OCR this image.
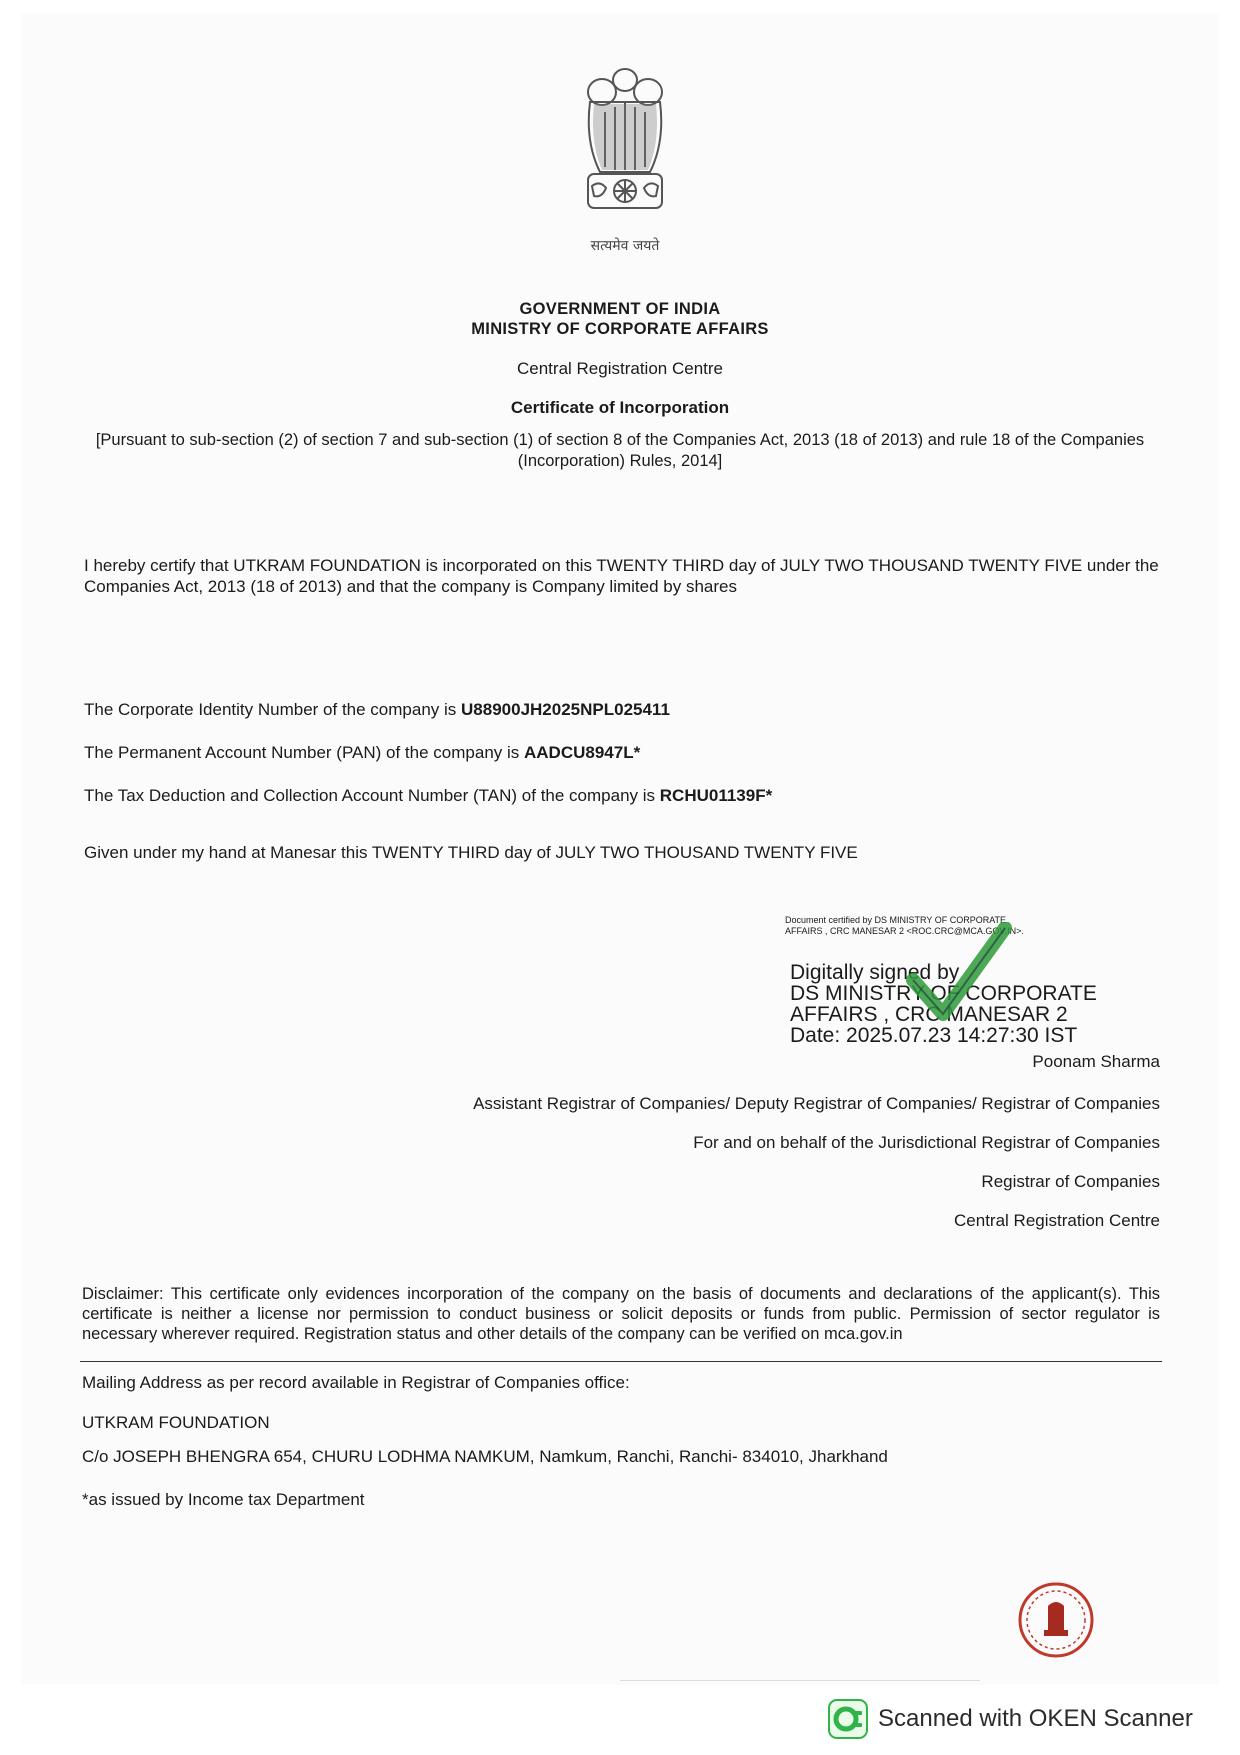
सत्यमेव जयते
GOVERNMENT OF INDIA
MINISTRY OF CORPORATE AFFAIRS
Central Registration Centre
Certificate of Incorporation
[Pursuant to sub-section (2) of section 7 and sub-section (1) of section 8 of the Companies Act, 2013 (18 of 2013) and rule 18 of the Companies (Incorporation) Rules, 2014]
I hereby certify that UTKRAM FOUNDATION is incorporated on this TWENTY THIRD day of JULY TWO THOUSAND TWENTY FIVE under the Companies Act, 2013 (18 of 2013) and that the company is Company limited by shares
The Corporate Identity Number of the company is U88900JH2025NPL025411
The Permanent Account Number (PAN) of the company is AADCU8947L*
The Tax Deduction and Collection Account Number (TAN) of the company is RCHU01139F*
Given under my hand at Manesar this TWENTY THIRD day of JULY TWO THOUSAND TWENTY FIVE
Document certified by DS MINISTRY OF CORPORATE
AFFAIRS , CRC MANESAR 2 <ROC.CRC@MCA.GOV.IN>.
Digitally signed by
DS MINISTRY OF CORPORATE
AFFAIRS , CRC MANESAR 2
Date: 2025.07.23 14:27:30 IST
Poonam Sharma
Assistant Registrar of Companies/ Deputy Registrar of Companies/ Registrar of Companies
For and on behalf of the Jurisdictional Registrar of Companies
Registrar of Companies
Central Registration Centre
Disclaimer: This certificate only evidences incorporation of the company on the basis of documents and declarations of the applicant(s). This certificate is neither a license nor permission to conduct business or solicit deposits or funds from public. Permission of sector regulator is necessary wherever required. Registration status and other details of the company can be verified on mca.gov.in
Mailing Address as per record available in Registrar of Companies office:
UTKRAM FOUNDATION
C/o JOSEPH BHENGRA 654, CHURU LODHMA NAMKUM, Namkum, Ranchi, Ranchi- 834010, Jharkhand
*as issued by Income tax Department
Scanned with OKEN Scanner
